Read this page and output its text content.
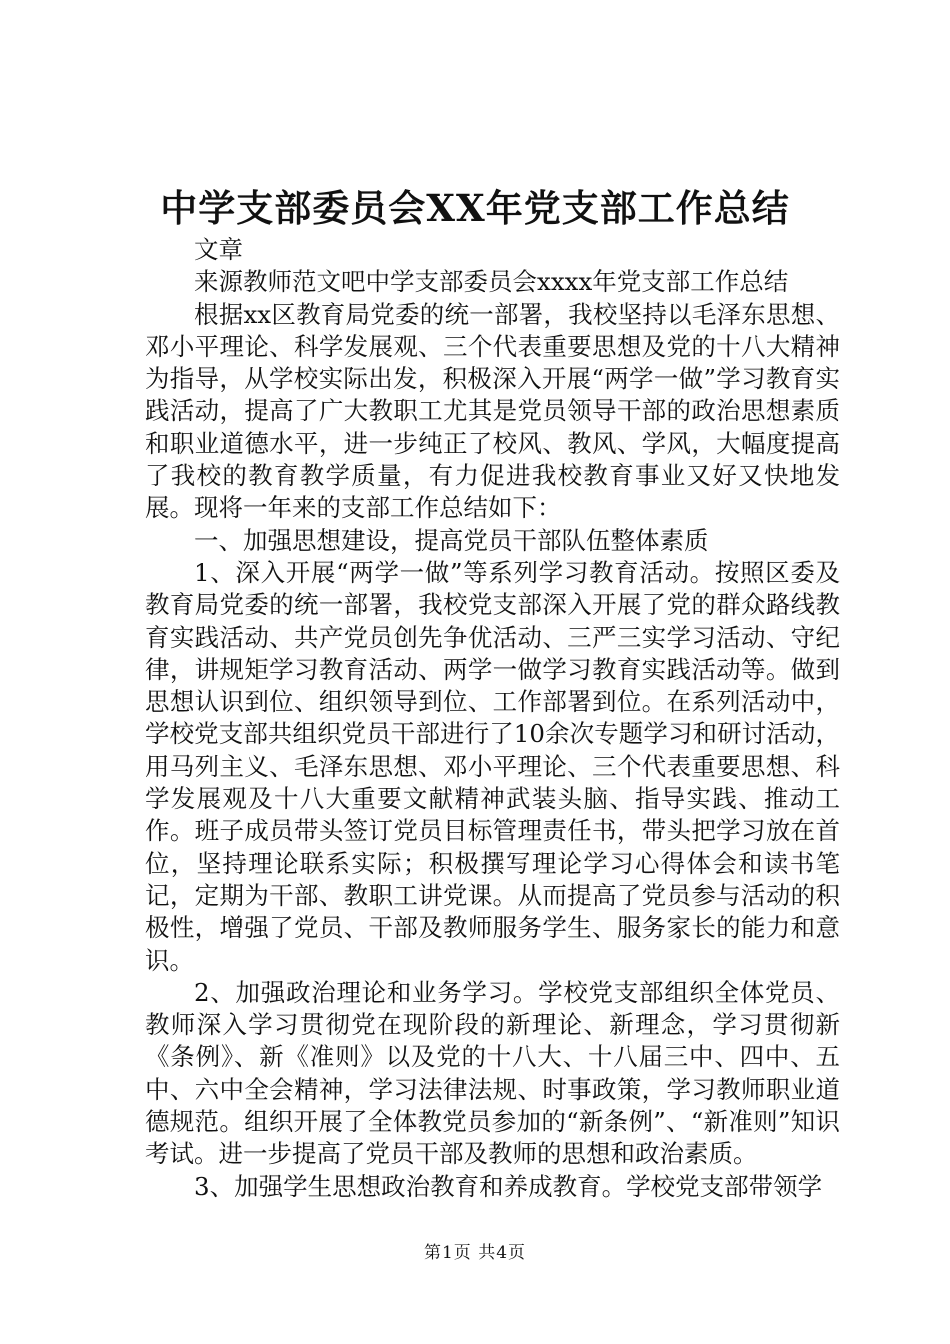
中学支部委员会XX年党支部工作总结

文章

来源教师范文吧中学支部委员会xxxx年党支部工作总结

根据xx区教育局党委的统一部署，我校坚持以毛泽东思想、邓小平理论、科学发展观、三个代表重要思想及党的十八大精神为指导，从学校实际出发，积极深入开展“两学一做”学习教育实践活动，提高了广大教职工尤其是党员领导干部的政治思想素质和职业道德水平，进一步纯正了校风、教风、学风，大幅度提高了我校的教育教学质量，有力促进我校教育事业又好又快地发展。现将一年来的支部工作总结如下：

一、加强思想建设，提高党员干部队伍整体素质

1、深入开展“两学一做”等系列学习教育活动。按照区委及教育局党委的统一部署，我校党支部深入开展了党的群众路线教育实践活动、共产党员创先争优活动、三严三实学习活动、守纪律，讲规矩学习教育活动、两学一做学习教育实践活动等。做到思想认识到位、组织领导到位、工作部署到位。在系列活动中，学校党支部共组织党员干部进行了10余次专题学习和研讨活动，用马列主义、毛泽东思想、邓小平理论、三个代表重要思想、科学发展观及十八大重要文献精神武装头脑、指导实践、推动工作。班子成员带头签订党员目标管理责任书，带头把学习放在首位，坚持理论联系实际；积极撰写理论学习心得体会和读书笔记，定期为干部、教职工讲党课。从而提高了党员参与活动的积极性，增强了党员、干部及教师服务学生、服务家长的能力和意识。

2、加强政治理论和业务学习。学校党支部组织全体党员、教师深入学习贯彻党在现阶段的新理论、新理念，学习贯彻新《条例》、新《准则》以及党的十八大、十八届三中、四中、五中、六中全会精神，学习法律法规、时事政策，学习教师职业道德规范。组织开展了全体教党员参加的“新条例”、“新准则”知识考试。进一步提高了党员干部及教师的思想和政治素质。

3、加强学生思想政治教育和养成教育。学校党支部带领学

第1页 共4页
